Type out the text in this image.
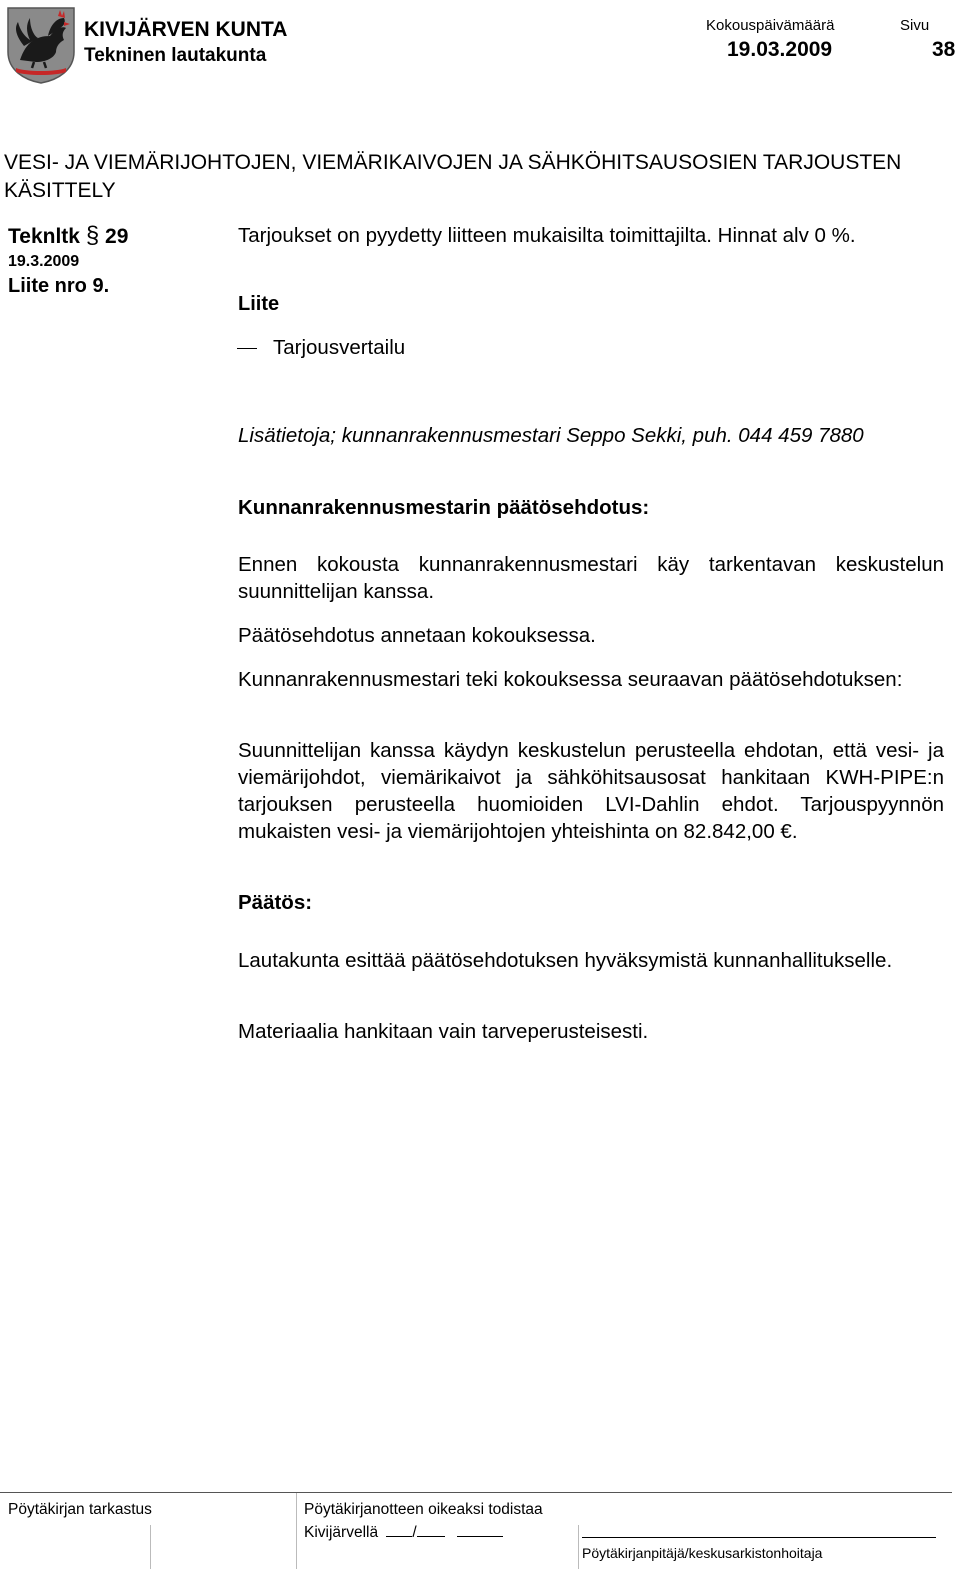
KIVIJÄRVEN KUNTA
Tekninen lautakunta
Kokouspäivämäärä
19.03.2009
Sivu
38
VESI- JA VIEMÄRIJOHTOJEN, VIEMÄRIKAIVOJEN JA SÄHKÖHITSAUSOSIEN TARJOUSTEN KÄSITTELY
Teknltk § 29
19.3.2009
Liite nro 9.

Tarjoukset on pyydetty liitteen mukaisilta toimittajilta. Hinnat alv 0 %.

Liite
Tarjousvertailu

Lisätietoja; kunnanrakennusmestari Seppo Sekki, puh. 044 459 7880

Kunnanrakennusmestarin päätösehdotus:

Ennen kokousta kunnanrakennusmestari käy tarkentavan keskustelun suunnittelijan kanssa.

Päätösehdotus annetaan kokouksessa.

Kunnanrakennusmestari teki kokouksessa seuraavan päätösehdotuksen:

Suunnittelijan kanssa käydyn keskustelun perusteella ehdotan, että vesi- ja viemärijohdot, viemärikaivot ja sähköhitsausosat hankitaan KWH-PIPE:n tarjouksen perusteella huomioiden LVI-Dahlin ehdot. Tarjouspyynnön mukaisten vesi- ja viemärijohtojen yhteishinta on 82.842,00 €.

Päätös:

Lautakunta esittää päätösehdotuksen hyväksymistä kunnanhallitukselle.

Materiaalia hankitaan vain tarveperusteisesti.

Pöytäkirjan tarkastus	Pöytäkirjanotteen oikeaksi todistaa
Kivijärvellä /
Pöytäkirjanpitäjä/keskusarkistonhoitaja
